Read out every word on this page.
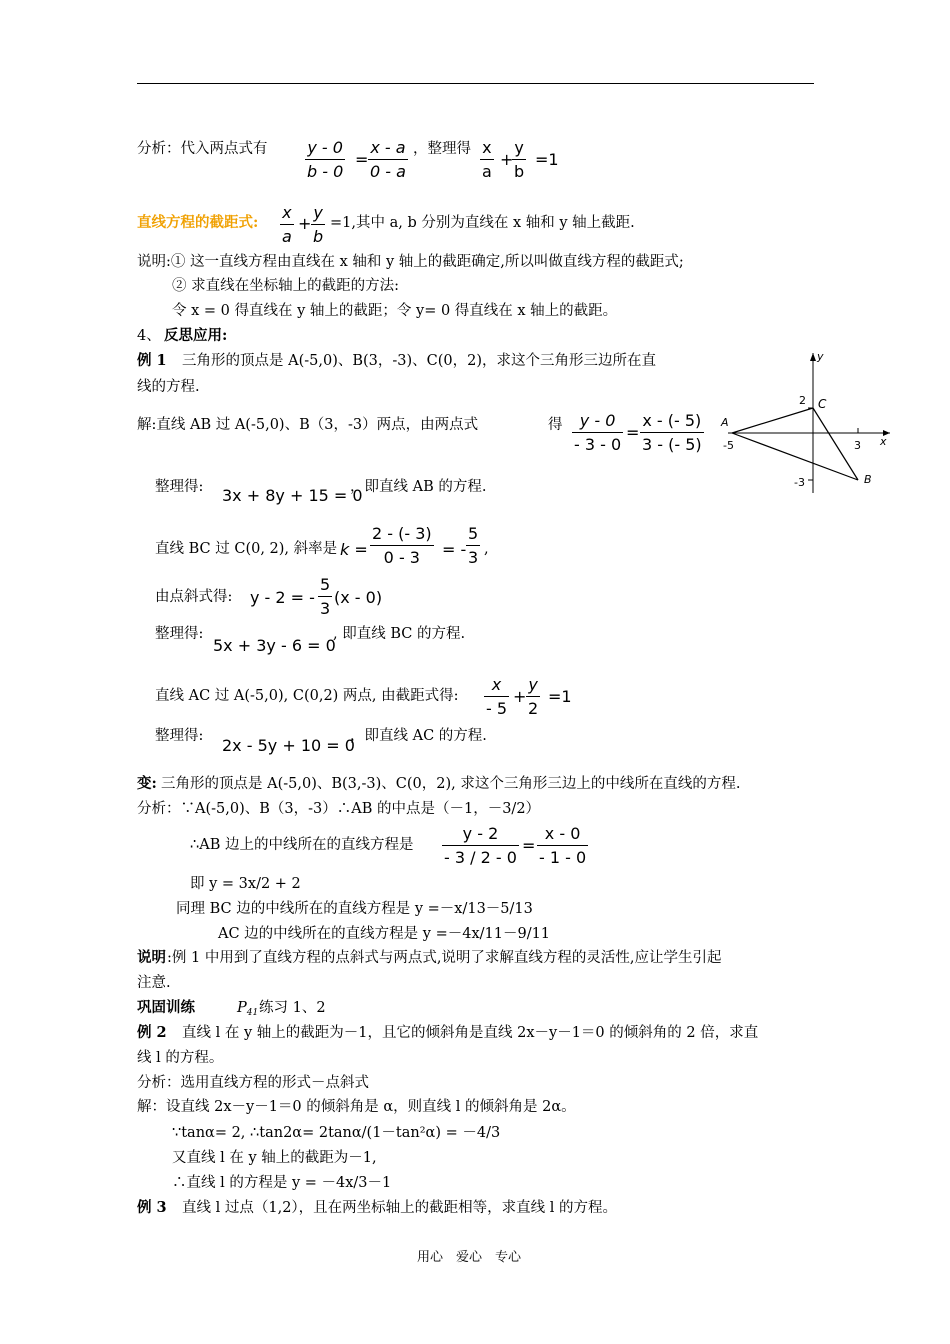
分析：代入两点式有 $\frac{y - 0}{b - 0} = \frac{x - a}{0 - a}$ ，整理得 $\frac{x}{a}$ +
$\frac{y}{b} =1$
直线方程的截距式: $\frac{x}{a} + \frac{y}{b} =1$,其中 a, b 分别为直线在 x 轴和 y 轴上截距.
说明:① 这一直线方程由直线在 x 轴和 y 轴上的截距确定,所以叫做直线方程的截距式;
② 求直线在坐标轴上的截距的方法:
令 x = 0 得直线在 y 轴上的截距；令 y= 0 得直线在 x 轴上的截距。
4、 反思应用:
例 1 三角形的顶点是 A(-5,0)、B(3，-3)、C(0，2)，求这个三角形三边所在直
线的方程.
y
x
C
A
B
2
-5	3
-3
解:直线 AB 过 A(-5,0)、B（3，-3）两点，由两点式	得 $\frac{y - 0}{- 3 - 0} = \frac{x - (- 5)}{3 - (- 5)}$
整理得: 3x + 8y + 15 = 0
，即直线 AB 的方程.
直线 BC 过 C(0, 2), 斜率是 $k = \frac{2 - (- 3)}{0 - 3}$ = - $\frac{5}{3}$ ,
由点斜式得: y - 2 = - $\frac{5}{3} (x - 0)$
整理得:
5x + 3y - 6 = 0
, 即直线 BC 的方程.
直线 AC 过 A(-5,0), C(0,2) 两点, 由截距式得: $\frac{x}{- 5} + \frac{y}{2} =1$
整理得: 2x - 5y + 10 = 0
，即直线 AC 的方程.
变: 三角形的顶点是 A(-5,0)、B(3,-3)、C(0，2), 求这个三角形三边上的中线所在直线的方程.
分析：∵A(-5,0)、B（3，-3）∴AB 的中点是（－1，－3/2）
∴AB 边上的中线所在的直线方程是 $\frac{y - 2}{- 3 / 2 - 0} = \frac{x - 0}{- 1 - 0}$
即 y = 3x/2 + 2
同理 BC 边的中线所在的直线方程是 y =－x/13－5/13
AC 边的中线所在的直线方程是 y =－4x/11－9/11
说明 :例 1 中用到了直线方程的点斜式与两点式,说明了求解直线方程的灵活性,应让学生引起
注意.
巩固训练	$P_{41}$ 练习 1、2
例 2 直线 l 在 y 轴上的截距为－1，且它的倾斜角是直线 2x－y－1＝0 的倾斜角的 2 倍，求直
线 l 的方程。
分析：选用直线方程的形式－点斜式
解：设直线 2x－y－1＝0 的倾斜角是 α，则直线 l 的倾斜角是 2α。
∵tanα= 2, ∴tan2α= 2tanα/(1－tan²α) = －4/3
又直线 l 在 y 轴上的截距为－1,
∴直线 l 的方程是 y = －4x/3－1
例 3 直线 l 过点（1,2），且在两坐标轴上的截距相等，求直线 l 的方程。
用心　爱心　专心
